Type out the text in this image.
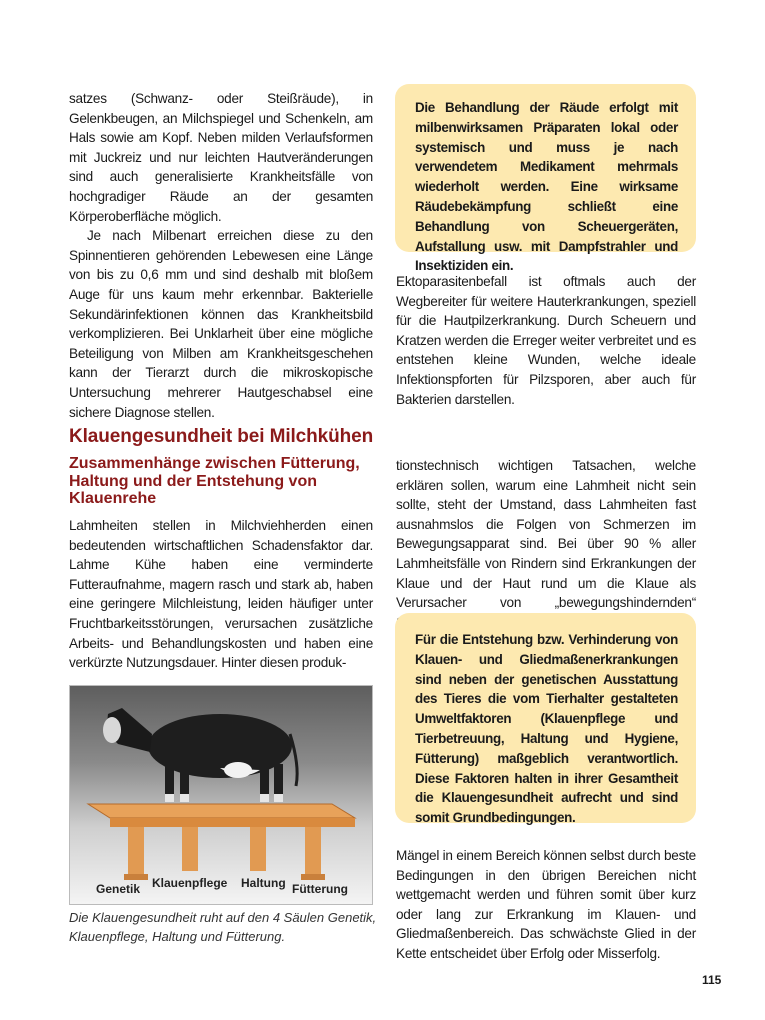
satzes (Schwanz- oder Steißräude), in Gelenkbeugen, an Milchspiegel und Schenkeln, am Hals sowie am Kopf. Neben milden Verlaufsformen mit Juckreiz und nur leichten Hautveränderungen sind auch generalisierte Krankheitsfälle von hochgradiger Räude an der gesamten Körperoberfläche möglich.

Je nach Milbenart erreichen diese zu den Spinnentieren gehörenden Lebewesen eine Länge von bis zu 0,6 mm und sind deshalb mit bloßem Auge für uns kaum mehr erkennbar. Bakterielle Sekundärinfektionen können das Krankheitsbild verkomplizieren. Bei Unklarheit über eine mögliche Beteiligung von Milben am Krankheitsgeschehen kann der Tierarzt durch die mikroskopische Untersuchung mehrerer Hautgeschabsel eine sichere Diagnose stellen.

Die Behandlung der Räude erfolgt mit milbenwirksamen Präparaten lokal oder systemisch und muss je nach verwendetem Medikament mehrmals wiederholt werden. Eine wirksame Räudebekämpfung schließt eine Behandlung von Scheuergeräten, Aufstallung usw. mit Dampfstrahler und Insektiziden ein.

Ektoparasitenbefall ist oftmals auch der Wegbereiter für weitere Hauterkrankungen, speziell für die Hautpilzerkrankung. Durch Scheuern und Kratzen werden die Erreger weiter verbreitet und es entstehen kleine Wunden, welche ideale Infektionspforten für Pilzsporen, aber auch für Bakterien darstellen.

Klauengesundheit bei Milchkühen
Zusammenhänge zwischen Fütterung, Haltung und der Entstehung von Klauenrehe

Lahmheiten stellen in Milchviehherden einen bedeutenden wirtschaftlichen Schadensfaktor dar. Lahme Kühe haben eine verminderte Futteraufnahme, magern rasch und stark ab, haben eine geringere Milchleistung, leiden häufiger unter Fruchtbarkeitsstörungen, verursachen zusätzliche Arbeits- und Behandlungskosten und haben eine verkürzte Nutzungsdauer. Hinter diesen produk-

Genetik Klauenpflege Haltung Fütterung

Die Klauengesundheit ruht auf den 4 Säulen Genetik, Klauenpflege, Haltung und Fütterung.

tionstechnisch wichtigen Tatsachen, welche erklären sollen, warum eine Lahmheit nicht sein sollte, steht der Umstand, dass Lahmheiten fast ausnahmslos die Folgen von Schmerzen im Bewegungsapparat sind. Bei über 90 % aller Lahmheitsfälle von Rindern sind Erkrankungen der Klaue und der Haut rund um die Klaue als Verursacher von „bewegungshindernden“

Für die Entstehung bzw. Verhinderung von Klauen- und Gliedmaßenerkrankungen sind neben der genetischen Ausstattung des Tieres die vom Tierhalter gestalteten Umweltfaktoren (Klauenpflege und Tierbetreuung, Haltung und Hygiene, Fütterung) maßgeblich verantwortlich. Diese Faktoren halten in ihrer Gesamtheit die Klauengesundheit aufrecht und sind somit Grundbedingungen.

Mängel in einem Bereich können selbst durch beste Bedingungen in den übrigen Bereichen nicht wettgemacht werden und führen somit über kurz oder lang zur Erkrankung im Klauen- und Gliedmaßenbereich. Das schwächste Glied in der Kette entscheidet über Erfolg oder Misserfolg.

115
